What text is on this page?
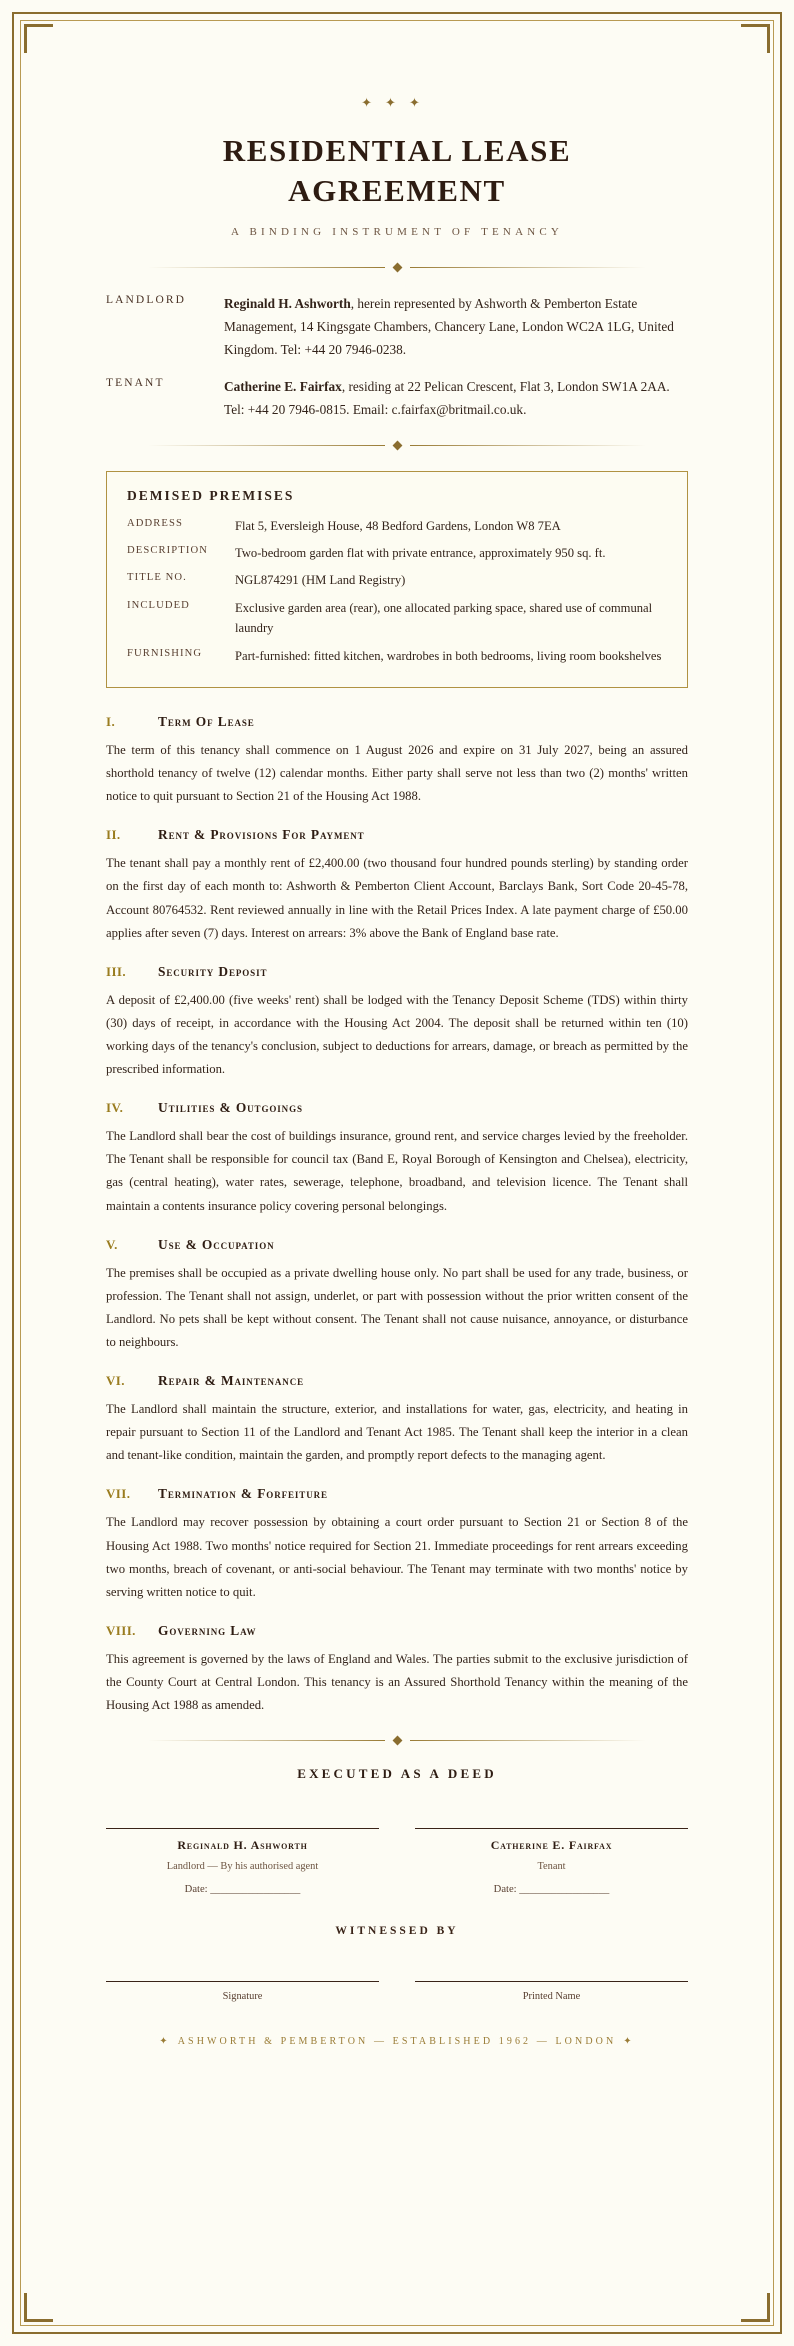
✦✦✦
RESIDENTIAL LEASE AGREEMENT
A BINDING INSTRUMENT OF TENANCY
LANDLORD	Reginald H. Ashworth, herein represented by Ashworth & Pemberton Estate Management, 14 Kingsgate Chambers, Chancery Lane, London WC2A 1LG, United Kingdom. Tel: +44 20 7946-0238.
TENANT	Catherine E. Fairfax, residing at 22 Pelican Crescent, Flat 3, London SW1A 2AA. Tel: +44 20 7946-0815. Email: c.fairfax@britmail.co.uk.
DEMISED PREMISES
ADDRESS	Flat 5, Eversleigh House, 48 Bedford Gardens, London W8 7EA
DESCRIPTION	Two-bedroom garden flat with private entrance, approximately 950 sq. ft.
TITLE NO.	NGL874291 (HM Land Registry)
INCLUDED	Exclusive garden area (rear), one allocated parking space, shared use of communal laundry
FURNISHING	Part-furnished: fitted kitchen, wardrobes in both bedrooms, living room bookshelves
I.	Term Of Lease
The term of this tenancy shall commence on 1 August 2026 and expire on 31 July 2027, being an assured shorthold tenancy of twelve (12) calendar months. Either party shall serve not less than two (2) months' written notice to quit pursuant to Section 21 of the Housing Act 1988.
II.	Rent & Provisions For Payment
The tenant shall pay a monthly rent of £2,400.00 (two thousand four hundred pounds sterling) by standing order on the first day of each month to: Ashworth & Pemberton Client Account, Barclays Bank, Sort Code 20-45-78, Account 80764532. Rent reviewed annually in line with the Retail Prices Index. A late payment charge of £50.00 applies after seven (7) days. Interest on arrears: 3% above the Bank of England base rate.
III.	Security Deposit
A deposit of £2,400.00 (five weeks' rent) shall be lodged with the Tenancy Deposit Scheme (TDS) within thirty (30) days of receipt, in accordance with the Housing Act 2004. The deposit shall be returned within ten (10) working days of the tenancy's conclusion, subject to deductions for arrears, damage, or breach as permitted by the prescribed information.
IV.	Utilities & Outgoings
The Landlord shall bear the cost of buildings insurance, ground rent, and service charges levied by the freeholder. The Tenant shall be responsible for council tax (Band E, Royal Borough of Kensington and Chelsea), electricity, gas (central heating), water rates, sewerage, telephone, broadband, and television licence. The Tenant shall maintain a contents insurance policy covering personal belongings.
V.	Use & Occupation
The premises shall be occupied as a private dwelling house only. No part shall be used for any trade, business, or profession. The Tenant shall not assign, underlet, or part with possession without the prior written consent of the Landlord. No pets shall be kept without consent. The Tenant shall not cause nuisance, annoyance, or disturbance to neighbours.
VI.	Repair & Maintenance
The Landlord shall maintain the structure, exterior, and installations for water, gas, electricity, and heating in repair pursuant to Section 11 of the Landlord and Tenant Act 1985. The Tenant shall keep the interior in a clean and tenant-like condition, maintain the garden, and promptly report defects to the managing agent.
VII.	Termination & Forfeiture
The Landlord may recover possession by obtaining a court order pursuant to Section 21 or Section 8 of the Housing Act 1988. Two months' notice required for Section 21. Immediate proceedings for rent arrears exceeding two months, breach of covenant, or anti-social behaviour. The Tenant may terminate with two months' notice by serving written notice to quit.
VIII.	Governing Law
This agreement is governed by the laws of England and Wales. The parties submit to the exclusive jurisdiction of the County Court at Central London. This tenancy is an Assured Shorthold Tenancy within the meaning of the Housing Act 1988 as amended.
EXECUTED AS A DEED
Reginald H. Ashworth
Landlord — By his authorised agent
Date: _________________
Catherine E. Fairfax
Tenant
Date: _________________
WITNESSED BY
Signature	Printed Name
✦ ASHWORTH & PEMBERTON — ESTABLISHED 1962 — LONDON ✦
